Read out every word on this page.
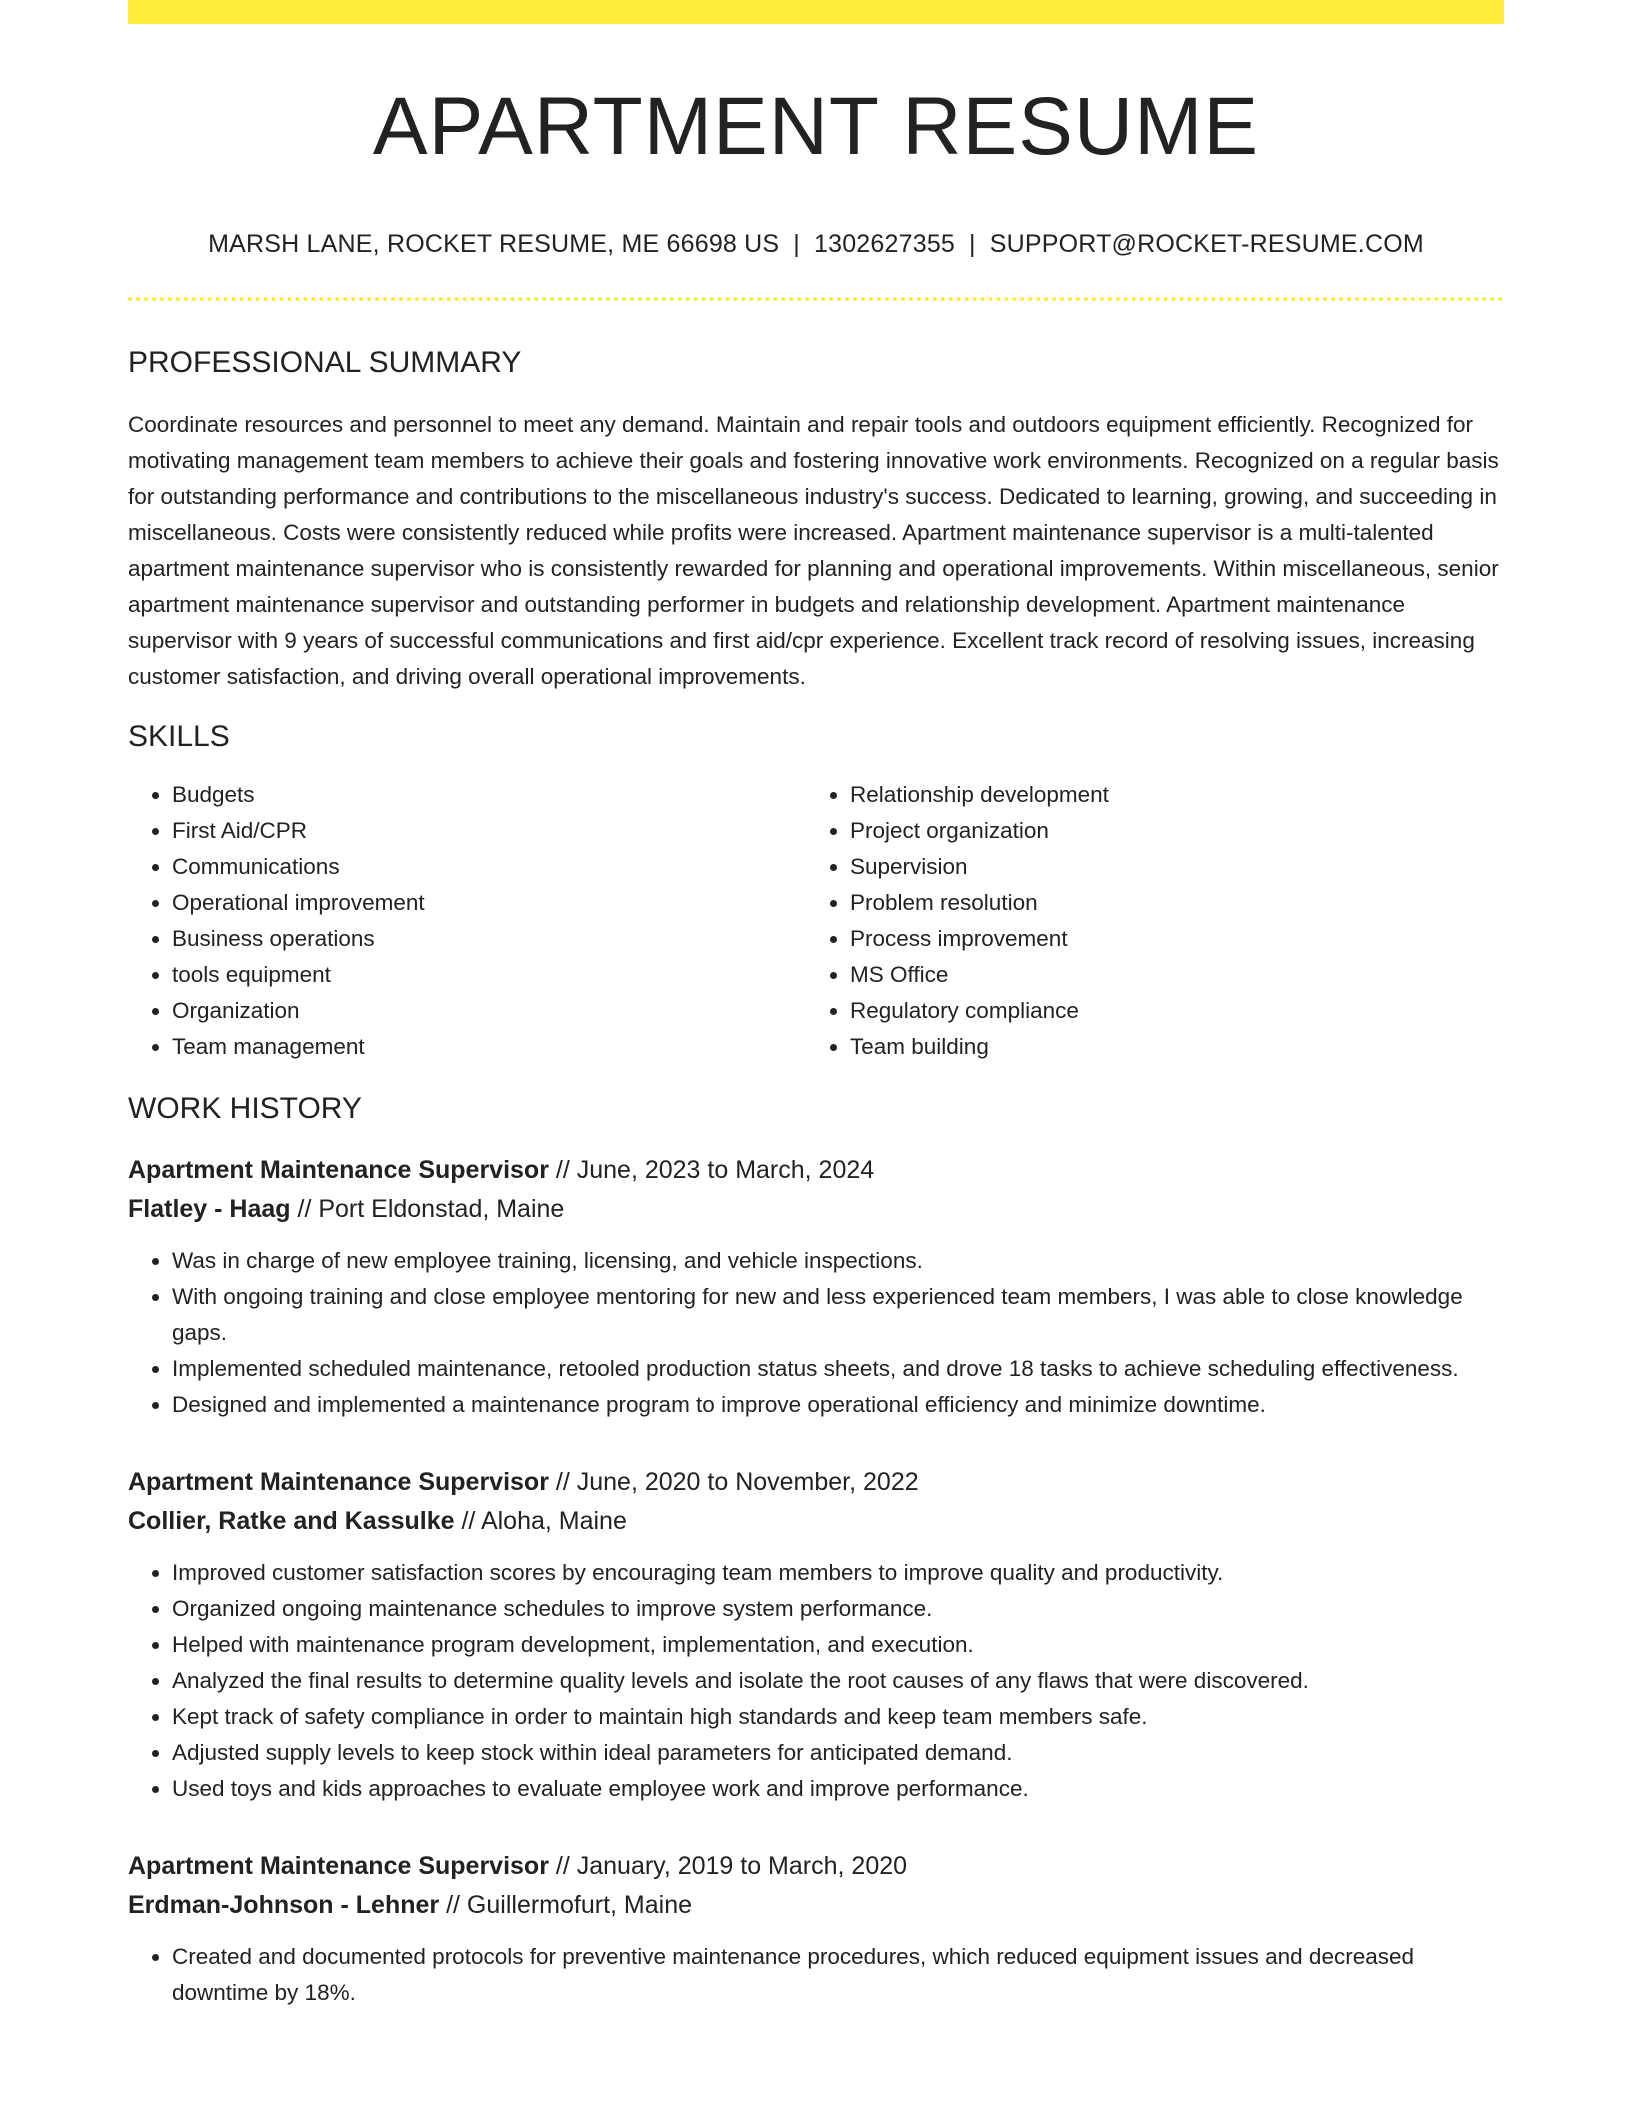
APARTMENT RESUME
MARSH LANE, ROCKET RESUME, ME 66698 US | 1302627355 | SUPPORT@ROCKET-RESUME.COM
PROFESSIONAL SUMMARY

Coordinate resources and personnel to meet any demand. Maintain and repair tools and outdoors equipment efficiently. Recognized for motivating management team members to achieve their goals and fostering innovative work environments. Recognized on a regular basis for outstanding performance and contributions to the miscellaneous industry's success. Dedicated to learning, growing, and succeeding in miscellaneous. Costs were consistently reduced while profits were increased. Apartment maintenance supervisor is a multi-talented apartment maintenance supervisor who is consistently rewarded for planning and operational improvements. Within miscellaneous, senior apartment maintenance supervisor and outstanding performer in budgets and relationship development. Apartment maintenance supervisor with 9 years of successful communications and first aid/cpr experience. Excellent track record of resolving issues, increasing customer satisfaction, and driving overall operational improvements.

SKILLS
• Budgets
• First Aid/CPR
• Communications
• Operational improvement
• Business operations
• tools equipment
• Organization
• Team management
• Relationship development
• Project organization
• Supervision
• Problem resolution
• Process improvement
• MS Office
• Regulatory compliance
• Team building
WORK HISTORY
Apartment Maintenance Supervisor // June, 2023 to March, 2024
Flatley - Haag // Port Eldonstad, Maine
• Was in charge of new employee training, licensing, and vehicle inspections.
• With ongoing training and close employee mentoring for new and less experienced team members, I was able to close knowledge gaps.
• Implemented scheduled maintenance, retooled production status sheets, and drove 18 tasks to achieve scheduling effectiveness.
• Designed and implemented a maintenance program to improve operational efficiency and minimize downtime.
Apartment Maintenance Supervisor // June, 2020 to November, 2022
Collier, Ratke and Kassulke // Aloha, Maine
• Improved customer satisfaction scores by encouraging team members to improve quality and productivity.
• Organized ongoing maintenance schedules to improve system performance.
• Helped with maintenance program development, implementation, and execution.
• Analyzed the final results to determine quality levels and isolate the root causes of any flaws that were discovered.
• Kept track of safety compliance in order to maintain high standards and keep team members safe.
• Adjusted supply levels to keep stock within ideal parameters for anticipated demand.
• Used toys and kids approaches to evaluate employee work and improve performance.
Apartment Maintenance Supervisor // January, 2019 to March, 2020
Erdman-Johnson - Lehner // Guillermofurt, Maine
• Created and documented protocols for preventive maintenance procedures, which reduced equipment issues and decreased downtime by 18%.
